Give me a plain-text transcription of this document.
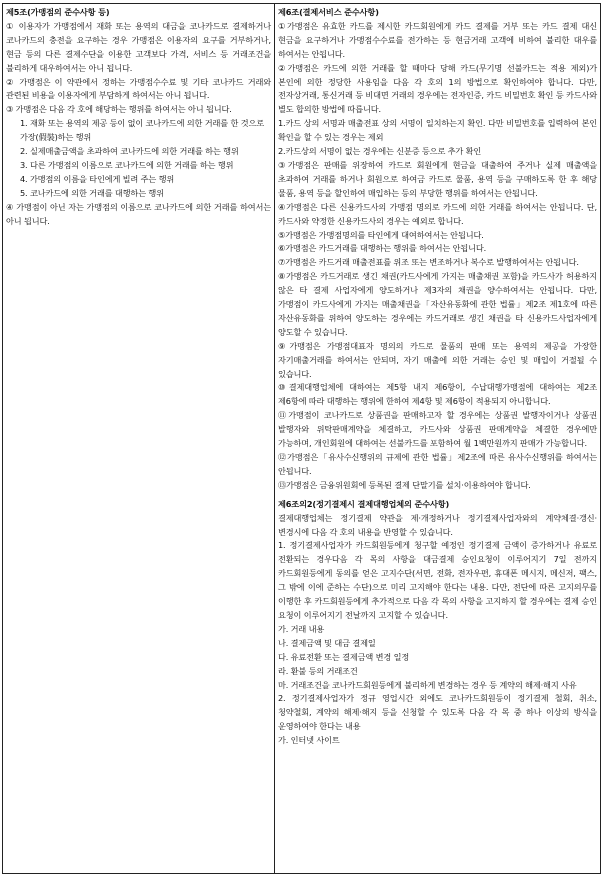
제5조(가맹점의 준수사항 등)

① 이용자가 가맹점에서 재화 또는 용역의 대금을 코나카드로 결제하거나 코나카드의 충전을 요구하는 경우 가맹점은 이용자의 요구를 거부하거나, 현금 등의 다른 결제수단을 이용한 고객보다 가격, 서비스 등 거래조건을 불리하게 대우하여서는 아니 됩니다.

② 가맹점은 이 약관에서 정하는 가맹점수수료 및 기타 코나카드 거래와 관련된 비용을 이용자에게 부담하게 하여서는 아니 됩니다.

③ 가맹점은 다음 각 호에 해당하는 행위를 하여서는 아니 됩니다.

1. 재화 또는 용역의 제공 등이 없이 코나카드에 의한 거래를 한 것으로 가장(假裝)하는 행위

2. 실제매출금액을 초과하여 코나카드에 의한 거래를 하는 행위

3. 다른 가맹점의 이름으로 코나카드에 의한 거래를 하는 행위

4. 가맹점의 이름을 타인에게 빌려 주는 행위

5. 코나카드에 의한 거래를 대행하는 행위

④ 가맹점이 아닌 자는 가맹점의 이름으로 코나카드에 의한 거래를 하여서는 아니 됩니다.

제6조(결제서비스 준수사항)

①가맹점은 유효한 카드를 제시한 카드회원에게 카드 결제를 거부 또는 카드 결제 대신 현금을 요구하거나 가맹점수수료를 전가하는 등 현금거래 고객에 비하여 불리한 대우를 하여서는 안됩니다.

②가맹점은 카드에 의한 거래를 할 때마다 당해 카드(무기명 선불카드는 적용 제외)가 본인에 의한 정당한 사용임을 다음 각 호의 1의 방법으로 확인하여야 합니다. 다만, 전자상거래, 통신거래 등 비대면 거래의 경우에는 전자인증, 카드 비밀번호 확인 등 카드사와 별도 합의한 방법에 따릅니다.

1.카드 상의 서명과 매출전표 상의 서명이 일치하는지 확인. 다만 비밀번호를 입력하여 본인 확인을 할 수 있는 경우는 제외

2.카드상의 서명이 없는 경우에는 신분증 등으로 추가 확인

③가맹점은 판매를 위장하여 카드로 회원에게 현금을 대출하여 주거나 실제 매출액을 초과하여 거래를 하거나 회원으로 하여금 카드로 물품, 용역 등을 구매하도록 한 후 해당 물품, 용역 등을 할인하여 매입하는 등의 부당한 행위를 하여서는 안됩니다.

④가맹점은 다른 신용카드사의 가맹점 명의로 카드에 의한 거래를 하여서는 안됩니다. 단, 카드사와 약정한 신용카드사의 경우는 예외로 합니다.

⑤가맹점은 가맹점명의를 타인에게 대여하여서는 안됩니다.

⑥가맹점은 카드거래를 대행하는 행위를 하여서는 안됩니다.

⑦가맹점은 카드거래 매출전표를 위조 또는 변조하거나 복수로 발행하여서는 안됩니다.

⑧가맹점은 카드거래로 생긴 채권(카드사에게 가지는 매출채권 포함)을 카드사가 허용하지 않은 타 결제 사업자에게 양도하거나 제3자의 채권을 양수하여서는 안됩니다. 다만, 가맹점이 카드사에게 가지는 매출채권을「자산유동화에 관한 법률」제2조 제1호에 따른 자산유동화를 위하여 양도하는 경우에는 카드거래로 생긴 채권을 타 신용카드사업자에게 양도할 수 있습니다.

⑨가맹점은 가맹점대표자 명의의 카드로 물품의 판매 또는 용역의 제공을 가장한 자기매출거래를 하여서는 안되며, 자기 매출에 의한 거래는 승인 및 매입이 거절될 수 있습니다.

⑩결제대행업체에 대하여는 제5항 내지 제6항이, 수납대행가맹점에 대하여는 제2조 제6항에 따라 대행하는 행위에 한하여 제4항 및 제6항이 적용되지 아니합니다.

⑪가맹점이 코나카드로 상품권을 판매하고자 할 경우에는 상품권 발행자이거나 상품권 발행자와 위탁판매계약을 체결하고, 카드사와 상품권 판매계약을 체결한 경우에만 가능하며, 개인회원에 대하여는 선불카드를 포함하여 월 1백만원까지 판매가 가능합니다.

⑫가맹점은「유사수신행위의 규제에 관한 법률」제2조에 따른 유사수신행위를 하여서는 안됩니다.

⑬가맹점은 금융위원회에 등록된 결제 단말기를 설치·이용하여야 합니다.

제6조의2(정기결제시 결제대행업체의 준수사항)

결제대행업체는 정기결제 약관을 제·개정하거나 정기결제사업자와의 계약체결·갱신·변경시에 다음 각 호의 내용을 반영할 수 있습니다.

1. 정기결제사업자가 카드회원등에게 청구할 예정인 정기결제 금액이 증가하거나 유료로 전환되는 경우다음 각 목의 사항을 대금결제 승인요청이 이루어지기 7일 전까지 카드회원등에게 동의를 얻은 고지수단(서면, 전화, 전자우편, 휴대폰 메시지, 메신저, 팩스, 그 밖에 이에 준하는 수단)으로 미리 고지해야 한다는 내용. 다만, 전단에 따른 고지의무를 이행한 후 카드회원등에게 추가적으로 다음 각 목의 사항을 고지하지 할 경우에는 결제 승인 요청이 이루어지기 전날까지 고지할 수 있습니다.

가. 거래 내용

나. 결제금액 및 대금 결제일

다. 유료전환 또는 결제금액 변경 일정

라. 환불 등의 거래조건

마. 거래조건을 코나카드회원등에게 불리하게 변경하는 경우 등 계약의 해제·해지 사유

2. 정기결제사업자가 정규 영업시간 외에도 코나카드회원등이 정기결제 철회, 취소, 청약철회, 계약의 해제·해지 등을 신청할 수 있도록 다음 각 목 중 하나 이상의 방식을 운영하여야 한다는 내용

가. 인터넷 사이트
